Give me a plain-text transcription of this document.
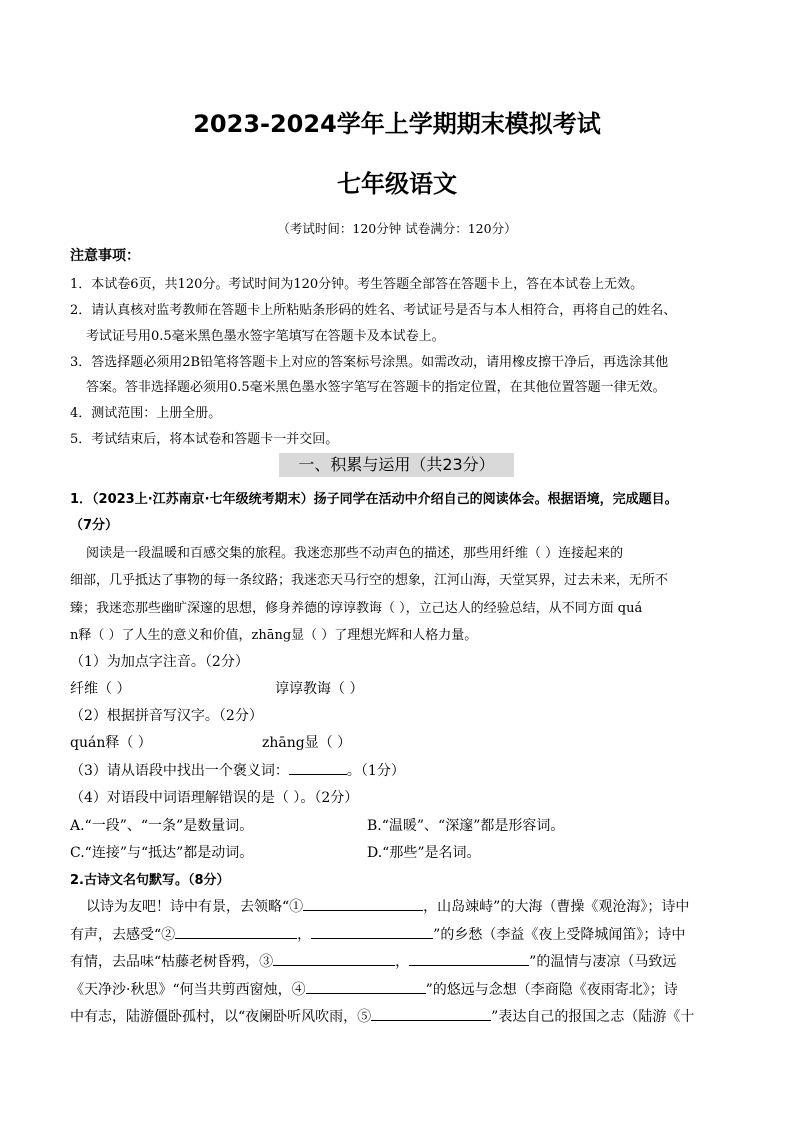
2023-2024学年上学期期末模拟考试
七年级语文
（考试时间：120分钟 试卷满分：120分）
注意事项：
1．本试卷6页，共120分。考试时间为120分钟。考生答题全部答在答题卡上，答在本试卷上无效。
2．请认真核对监考教师在答题卡上所粘贴条形码的姓名、考试证号是否与本人相符合，再将自己的姓名、
考试证号用0.5毫米黑色墨水签字笔填写在答题卡及本试卷上。
3．答选择题必须用2B铅笔将答题卡上对应的答案标号涂黑。如需改动，请用橡皮擦干净后，再选涂其他
答案。答非选择题必须用0.5毫米黑色墨水签字笔写在答题卡的指定位置，在其他位置答题一律无效。
4．测试范围：上册全册。
5．考试结束后，将本试卷和答题卡一并交回。
一、积累与运用（共23分）
1．（2023上·江苏南京·七年级统考期末）扬子同学在活动中介绍自己的阅读体会。根据语境，完成题目。
（7分）
阅读是一段温暖和百感交集的旅程。我迷恋那些不动声色的描述，那些用纤维（ ）连接起来的
细部，几乎抵达了事物的每一条纹路；我迷恋天马行空的想象，江河山海，天堂冥界，过去未来，无所不
臻；我迷恋那些幽旷深邃的思想，修身养德的谆谆教诲（ ），立己达人的经验总结，从不同方面 quá
n释（ ）了人生的意义和价值，zhāng显（ ）了理想光辉和人格力量。
（1）为加点字注音。（2分）
纤维（ ）	谆谆教诲（ ）
（2）根据拼音写汉字。（2分）
quán释（ ）	zhāng显（ ）
（3）请从语段中找出一个褒义词：	。（1分）
（4）对语段中词语理解错误的是（ ）。（2分）
A.“一段”、“一条”是数量词。	B.“温暖”、“深邃”都是形容词。
C.“连接”与“抵达”都是动词。	D.“那些”是名词。
2.古诗文名句默写。（8分）
以诗为友吧！诗中有景，去领略“①	，山岛竦峙”的大海（曹操《观沧海》；诗中
有声，去感受“②	，	”的乡愁（李益《夜上受降城闻笛》；诗中
有情，去品味“枯藤老树昏鸦，③	，	”的温情与凄凉（马致远
《天净沙·秋思》“何当共剪西窗烛，④	”的悠远与念想（李商隐《夜雨寄北》；诗
中有志，陆游僵卧孤村，以“夜阑卧听风吹雨，⑤	”表达自己的报国之志（陆游《十
